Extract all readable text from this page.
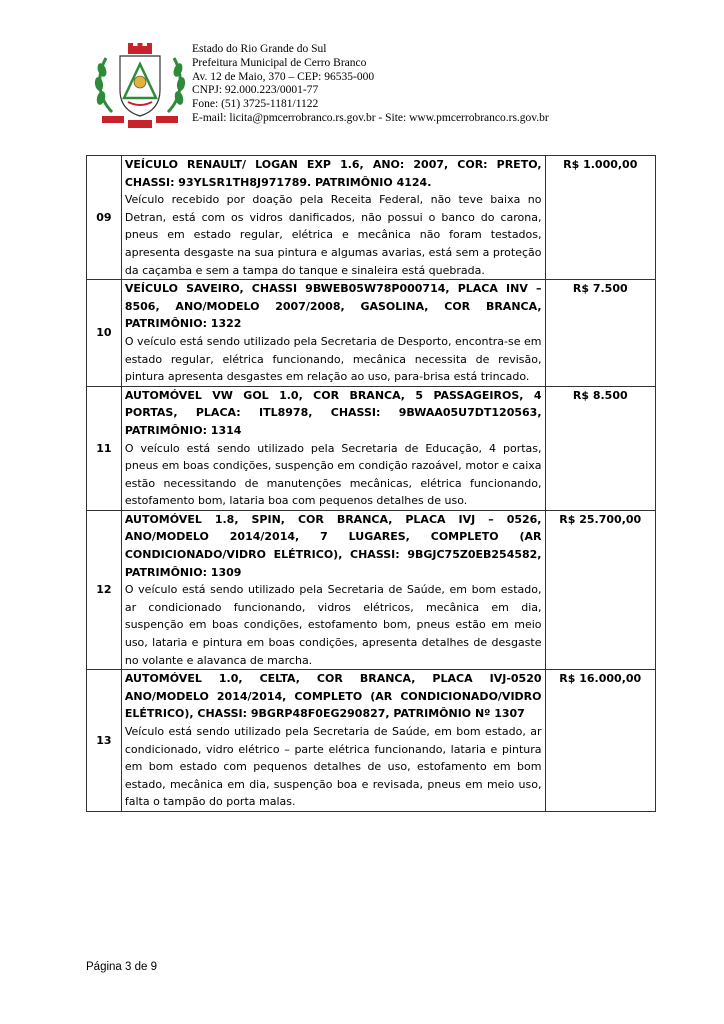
Estado do Rio Grande do Sul
Prefeitura Municipal de Cerro Branco
Av. 12 de Maio, 370 – CEP: 96535-000
CNPJ: 92.000.223/0001-77
Fone: (51) 3725-1181/1122
E-mail: licita@pmcerrobranco.rs.gov.br - Site: www.pmcerrobranco.rs.gov.br
09	VEÍCULO RENAULT/ LOGAN EXP 1.6, ANO: 2007, COR: PRETO, CHASSI: 93YLSR1TH8J971789. PATRIMÔNIO 4124.
Veículo recebido por doação pela Receita Federal, não teve baixa no Detran, está com os vidros danificados, não possui o banco do carona, pneus em estado regular, elétrica e mecânica não foram testados, apresenta desgaste na sua pintura e algumas avarias, está sem a proteção da caçamba e sem a tampa do tanque e sinaleira está quebrada.	R$ 1.000,00
10	VEÍCULO SAVEIRO, CHASSI 9BWEB05W78P000714, PLACA INV – 8506, ANO/MODELO 2007/2008, GASOLINA, COR BRANCA, PATRIMÔNIO: 1322
O veículo está sendo utilizado pela Secretaria de Desporto, encontra-se em estado regular, elétrica funcionando, mecânica necessita de revisão, pintura apresenta desgastes em relação ao uso, para-brisa está trincado.	R$ 7.500
11	AUTOMÓVEL VW GOL 1.0, COR BRANCA, 5 PASSAGEIROS, 4 PORTAS, PLACA: ITL8978, CHASSI: 9BWAA05U7DT120563, PATRIMÔNIO: 1314
O veículo está sendo utilizado pela Secretaria de Educação, 4 portas, pneus em boas condições, suspenção em condição razoável, motor e caixa estão necessitando de manutenções mecânicas, elétrica funcionando, estofamento bom, lataria boa com pequenos detalhes de uso.	R$ 8.500
12	AUTOMÓVEL 1.8, SPIN, COR BRANCA, PLACA IVJ – 0526, ANO/MODELO 2014/2014, 7 LUGARES, COMPLETO (AR CONDICIONADO/VIDRO ELÉTRICO), CHASSI: 9BGJC75Z0EB254582, PATRIMÔNIO: 1309
O veículo está sendo utilizado pela Secretaria de Saúde, em bom estado, ar condicionado funcionando, vidros elétricos, mecânica em dia, suspenção em boas condições, estofamento bom, pneus estão em meio uso, lataria e pintura em boas condições, apresenta detalhes de desgaste no volante e alavanca de marcha.	R$ 25.700,00
13	AUTOMÓVEL 1.0, CELTA, COR BRANCA, PLACA IVJ-0520 ANO/MODELO 2014/2014, COMPLETO (AR CONDICIONADO/VIDRO ELÉTRICO), CHASSI: 9BGRP48F0EG290827, PATRIMÔNIO Nº 1307
Veículo está sendo utilizado pela Secretaria de Saúde, em bom estado, ar condicionado, vidro elétrico – parte elétrica funcionando, lataria e pintura em bom estado com pequenos detalhes de uso, estofamento em bom estado, mecânica em dia, suspenção boa e revisada, pneus em meio uso, falta o tampão do porta malas.	R$ 16.000,00
Página 3 de 9
